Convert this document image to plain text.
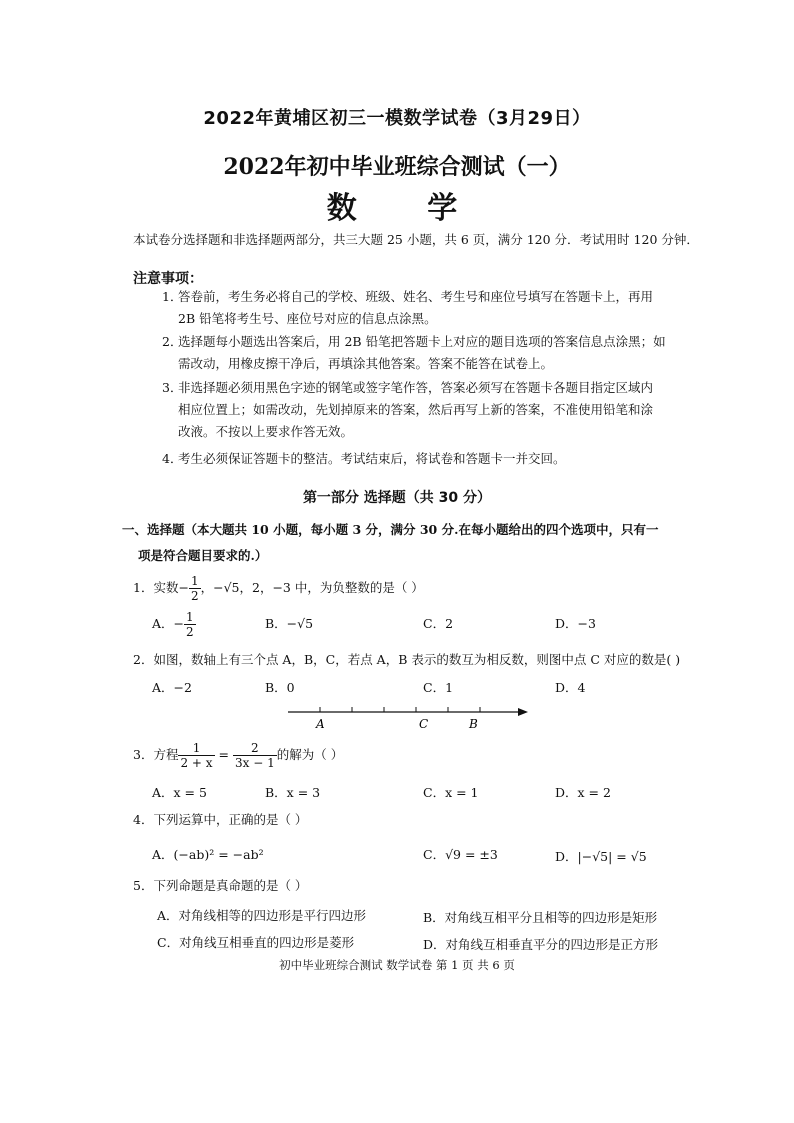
2022年黄埔区初三一模数学试卷（3月29日）
2022年初中毕业班综合测试（一）
数 学
本试卷分选择题和非选择题两部分，共三大题 25 小题，共 6 页，满分 120 分．考试用时 120 分钟．
注意事项：
1．答卷前，考生务必将自己的学校、班级、姓名、考生号和座位号填写在答题卡上，再用
2B 铅笔将考生号、座位号对应的信息点涂黑。
2．选择题每小题选出答案后，用 2B 铅笔把答题卡上对应的题目选项的答案信息点涂黑；如
需改动，用橡皮擦干净后，再填涂其他答案。答案不能答在试卷上。
3．非选择题必须用黑色字迹的钢笔或签字笔作答，答案必须写在答题卡各题目指定区域内
相应位置上；如需改动，先划掉原来的答案，然后再写上新的答案，不准使用铅笔和涂
改液。不按以上要求作答无效。
4．考生必须保证答题卡的整洁。考试结束后，将试卷和答题卡一并交回。
第一部分 选择题（共 30 分）
一、选择题（本大题共 10 小题，每小题 3 分，满分 30 分.在每小题给出的四个选项中，只有一
项是符合题目要求的.）
1．实数− $\frac{1}{2}$ ，−√5，2，−3 中，为负整数的是（ ）
A．− $\frac{1}{2}$	B．−√5	C．2	D．−3
2．如图，数轴上有三个点 A，B，C，若点 A，B 表示的数互为相反数，则图中点 C 对应的数是( )
A．−2	B．0	C．1	D．4
A	C	B
3．方程 $\frac{1}{2 + x} = \frac{2}{3x - 1}$ 的解为（ ）
A．x = 5	B．x = 3	C．x = 1	D．x = 2
4．下列运算中，正确的是（ ）
A．(−ab)² = −ab²	C．√9 = ±3	D．|−√5| = √5
5．下列命题是真命题的是（ ）
A．对角线相等的四边形是平行四边形	B．对角线互相平分且相等的四边形是矩形
C．对角线互相垂直的四边形是菱形	D．对角线互相垂直平分的四边形是正方形
初中毕业班综合测试 数学试卷 第 1 页 共 6 页
